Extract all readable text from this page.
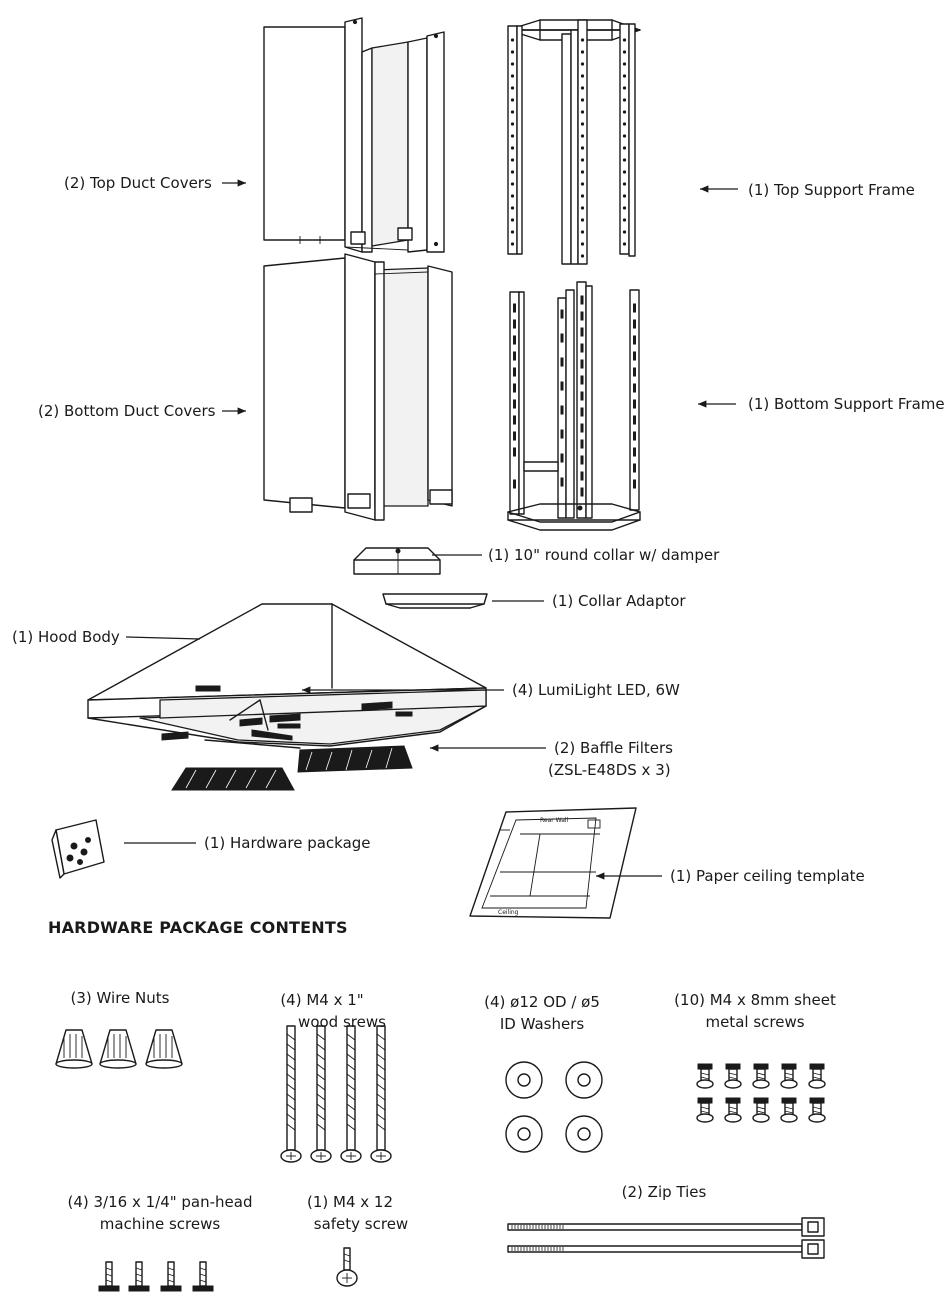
Rear Wall
Ceiling
(2) Top Duct Covers	(1) Top Support Frame
(2) Bottom Duct Covers	(1) Bottom Support Frame
(1) 10" round collar w/ damper
(1) Collar Adaptor
(1) Hood Body
(4) LumiLight LED, 6W
(2) Baffle Filters
(ZSL-E48DS x 3)
(1) Hardware package
(1) Paper ceiling template
HARDWARE PACKAGE CONTENTS
(3) Wire Nuts	(4) M4 x 1"
wood srews
(4) ø12 OD / ø5
ID Washers
(10) M4 x 8mm sheet
metal screws
(4) 3/16 x 1/4" pan-head
machine screws
(1) M4 x 12
safety screw
(2) Zip Ties
